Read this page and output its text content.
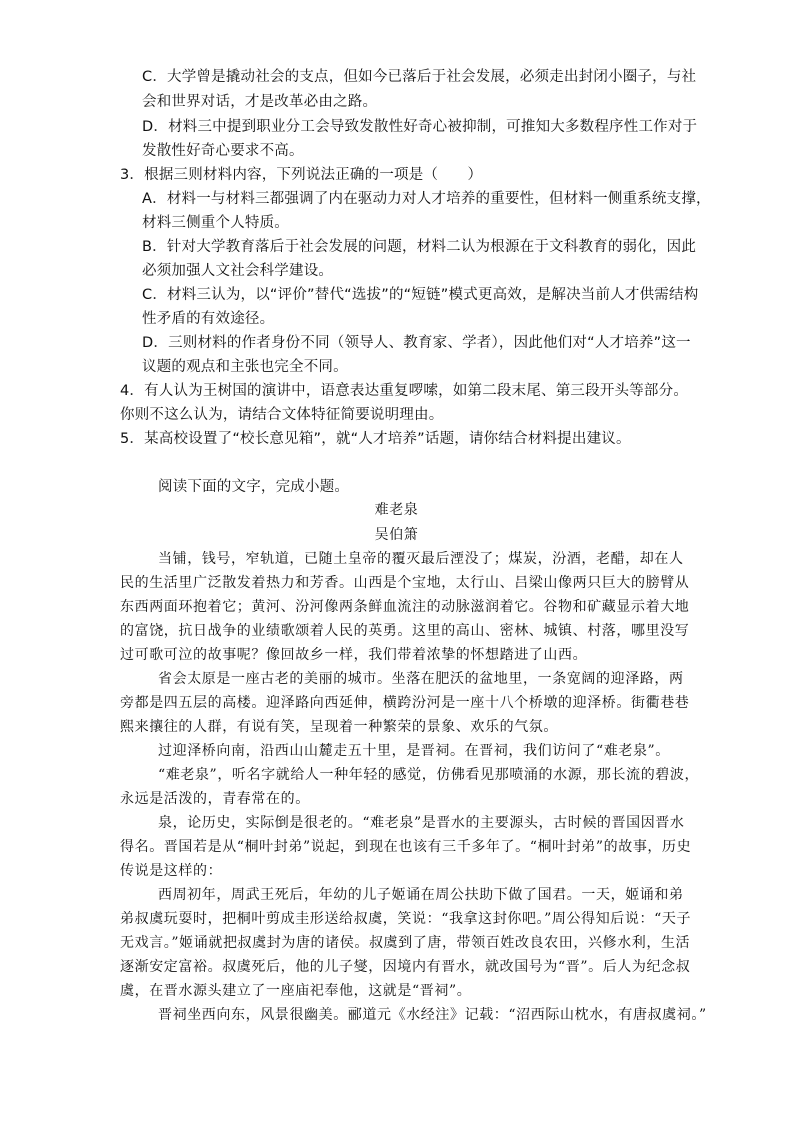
C．大学曾是撬动社会的支点，但如今已落后于社会发展，必须走出封闭小圈子，与社
会和世界对话，才是改革必由之路。
D．材料三中提到职业分工会导致发散性好奇心被抑制，可推知大多数程序性工作对于
发散性好奇心要求不高。
3．根据三则材料内容，下列说法正确的一项是（　　）
A．材料一与材料三都强调了内在驱动力对人才培养的重要性，但材料一侧重系统支撑，
材料三侧重个人特质。
B．针对大学教育落后于社会发展的问题，材料二认为根源在于文科教育的弱化，因此
必须加强人文社会科学建设。
C．材料三认为，以“评价”替代“选拔”的“短链”模式更高效，是解决当前人才供需结构
性矛盾的有效途径。
D．三则材料的作者身份不同（领导人、教育家、学者），因此他们对“人才培养”这一
议题的观点和主张也完全不同。
4．有人认为王树国的演讲中，语意表达重复啰嗦，如第二段末尾、第三段开头等部分。
你则不这么认为，请结合文体特征简要说明理由。
5．某高校设置了“校长意见箱”，就“人才培养”话题，请你结合材料提出建议。
阅读下面的文字，完成小题。
难老泉
吴伯箫
当铺，钱号，窄轨道，已随土皇帝的覆灭最后湮没了；煤炭，汾酒，老醋，却在人
民的生活里广泛散发着热力和芳香。山西是个宝地，太行山、吕梁山像两只巨大的膀臂从
东西两面环抱着它；黄河、汾河像两条鲜血流注的动脉滋润着它。谷物和矿藏显示着大地
的富饶，抗日战争的业绩歌颂着人民的英勇。这里的高山、密林、城镇、村落，哪里没写
过可歌可泣的故事呢？像回故乡一样，我们带着浓挚的怀想踏进了山西。
省会太原是一座古老的美丽的城市。坐落在肥沃的盆地里，一条宽阔的迎泽路，两
旁都是四五层的高楼。迎泽路向西延伸，横跨汾河是一座十八个桥墩的迎泽桥。街衢巷巷
熙来攘往的人群，有说有笑，呈现着一种繁荣的景象、欢乐的气氛。
过迎泽桥向南，沿西山山麓走五十里，是晋祠。在晋祠，我们访问了“难老泉”。
“难老泉”，听名字就给人一种年轻的感觉，仿佛看见那喷涌的水源，那长流的碧波，
永远是活泼的，青春常在的。
泉，论历史，实际倒是很老的。“难老泉”是晋水的主要源头，古时候的晋国因晋水
得名。晋国若是从“桐叶封弟”说起，到现在也该有三千多年了。“桐叶封弟”的故事，历史
传说是这样的：
西周初年，周武王死后，年幼的儿子姬诵在周公扶助下做了国君。一天，姬诵和弟
弟叔虞玩耍时，把桐叶剪成圭形送给叔虞，笑说：“我拿这封你吧。”周公得知后说：“天子
无戏言。”姬诵就把叔虞封为唐的诸侯。叔虞到了唐，带领百姓改良农田，兴修水利，生活
逐渐安定富裕。叔虞死后，他的儿子燮，因境内有晋水，就改国号为“晋”。后人为纪念叔
虞，在晋水源头建立了一座庙祀奉他，这就是“晋祠”。
晋祠坐西向东，风景很幽美。郦道元《水经注》记载：“沼西际山枕水，有唐叔虞祠。”
